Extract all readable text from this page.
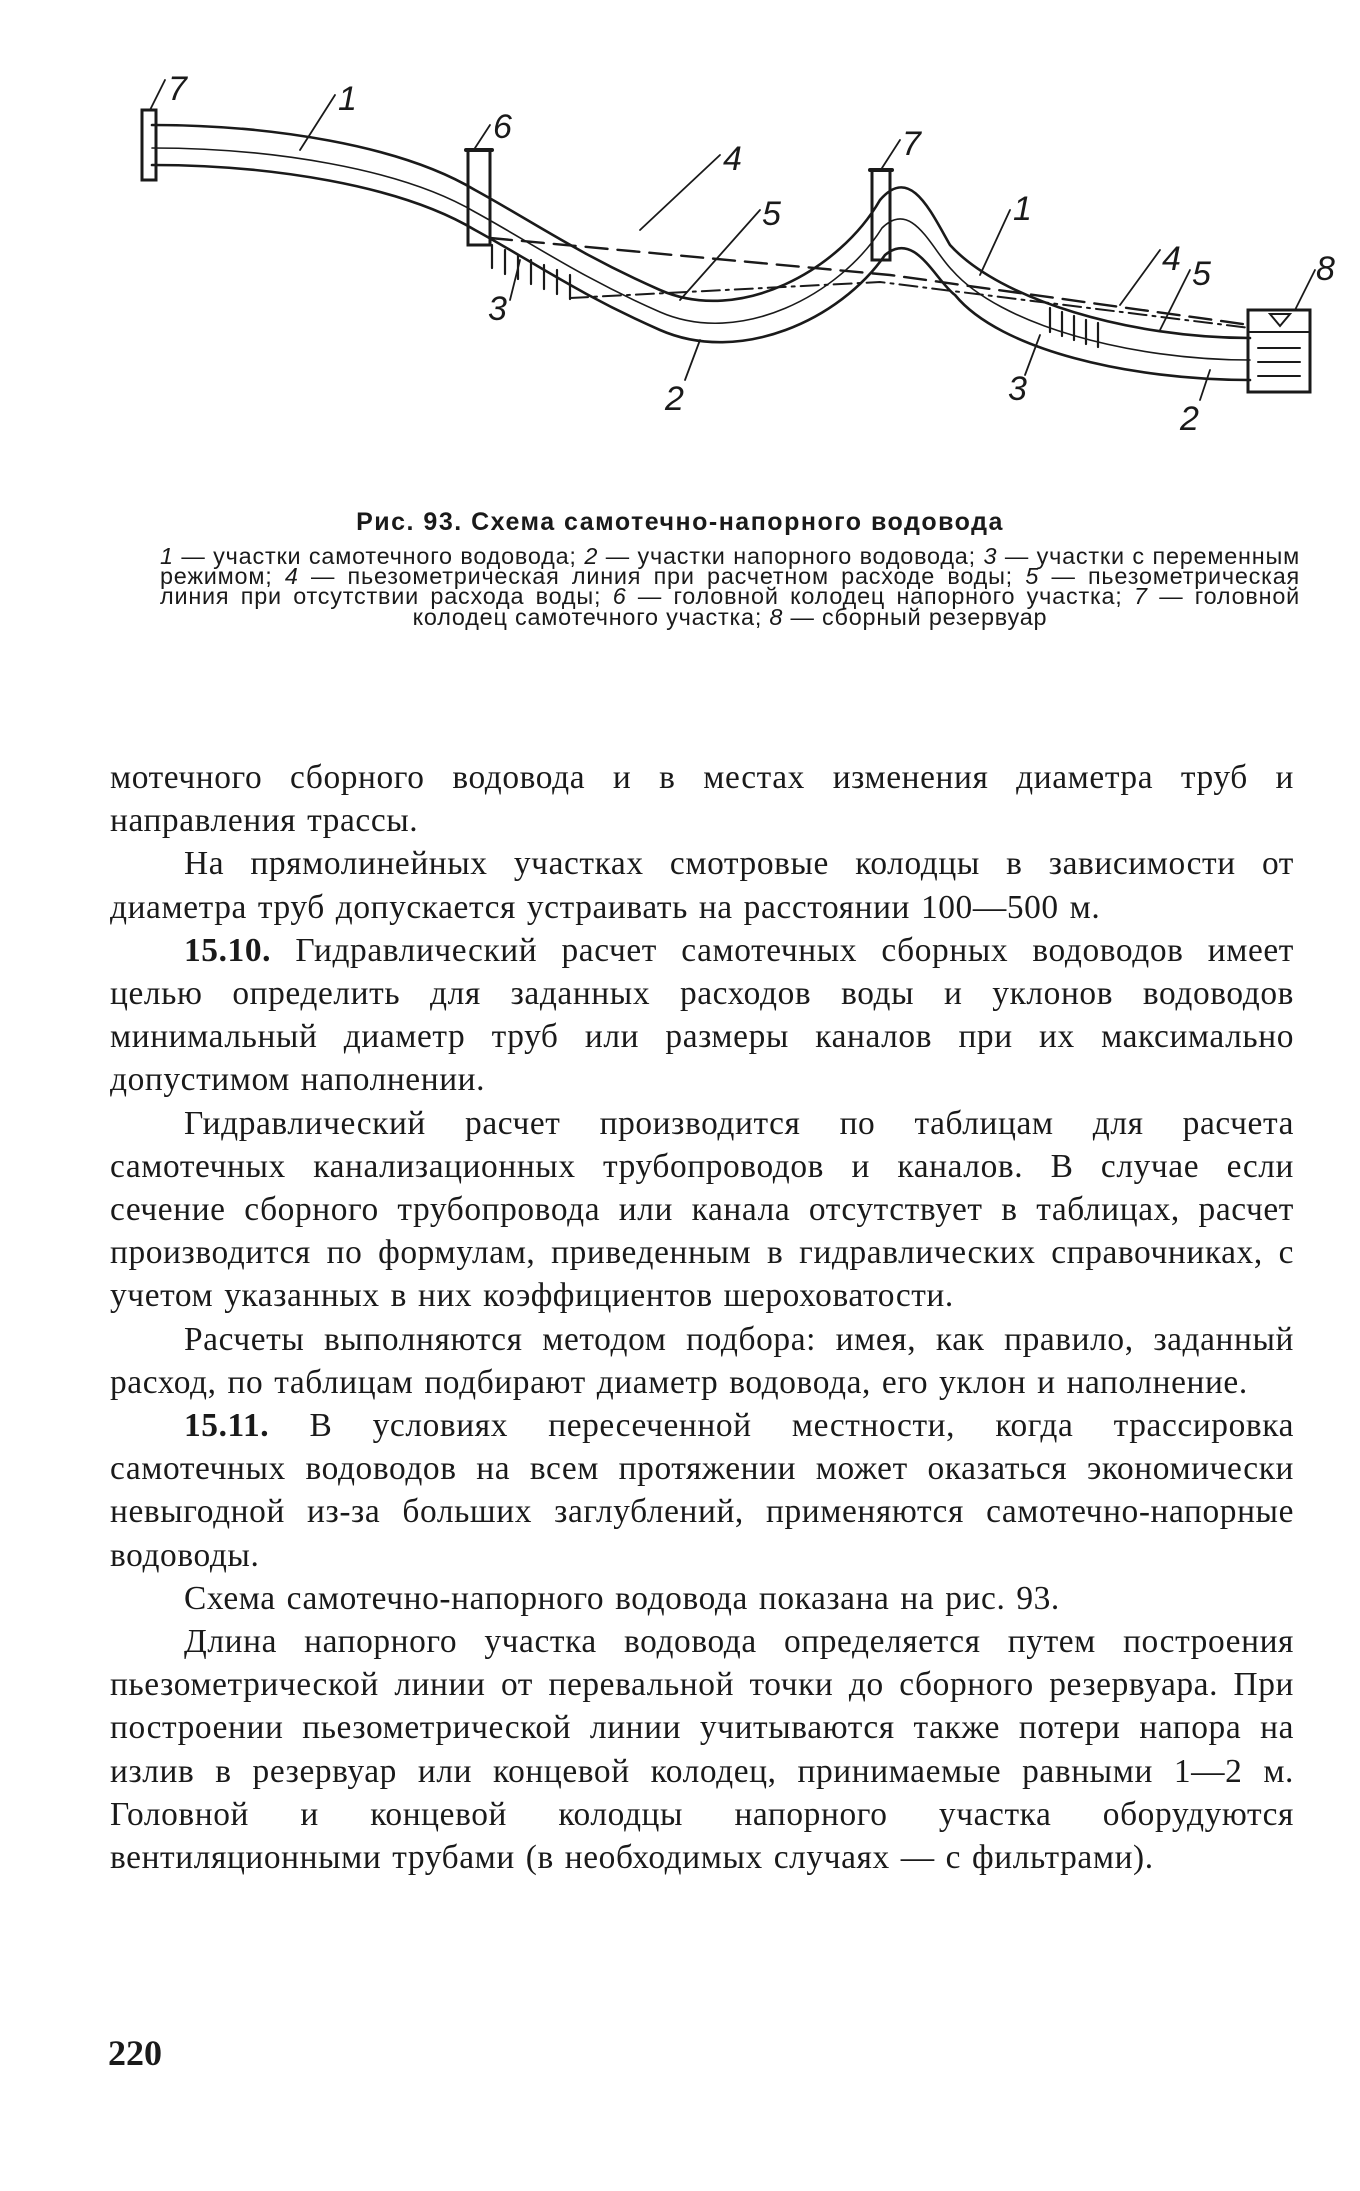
7	1
6
4
5
3
2
7
1
4 5	8
3
2
Рис. 93. Схема самотечно-напорного водовода
1 — участки самотечного водовода; 2 — участки напорного водовода; 3 — участки с переменным режимом; 4 — пьезометрическая линия при расчетном расходе воды; 5 — пьезометрическая линия при отсутствии расхода воды; 6 — головной колодец напорного участка; 7 — головной колодец самотечного участка; 8 — сборный резервуар

мотечного сборного водовода и в местах изменения диаметра труб и направления трассы.

На прямолинейных участках смотровые колодцы в зависимости от диаметра труб допускается устраивать на расстоянии 100—500 м.

15.10. Гидравлический расчет самотечных сборных водоводов имеет целью определить для заданных расходов воды и уклонов водоводов минимальный диаметр труб или размеры каналов при их максимально допустимом наполнении.

Гидравлический расчет производится по таблицам для расчета самотечных канализационных трубопроводов и каналов. В случае если сечение сборного трубопровода или канала отсутствует в таблицах, расчет производится по формулам, приведенным в гидравлических справочниках, с учетом указанных в них коэффициентов шероховатости.

Расчеты выполняются методом подбора: имея, как правило, заданный расход, по таблицам подбирают диаметр водовода, его уклон и наполнение.

15.11. В условиях пересеченной местности, когда трассировка самотечных водоводов на всем протяжении может оказаться экономически невыгодной из-за больших заглублений, применяются самотечно-напорные водоводы.

Схема самотечно-напорного водовода показана на рис. 93.

Длина напорного участка водовода определяется путем построения пьезометрической линии от перевальной точки до сборного резервуара. При построении пьезометрической линии учитываются также потери напора на излив в резервуар или концевой колодец, принимаемые равными 1—2 м. Головной и концевой колодцы напорного участка оборудуются вентиляционными трубами (в необходимых случаях — с фильтрами).

220
